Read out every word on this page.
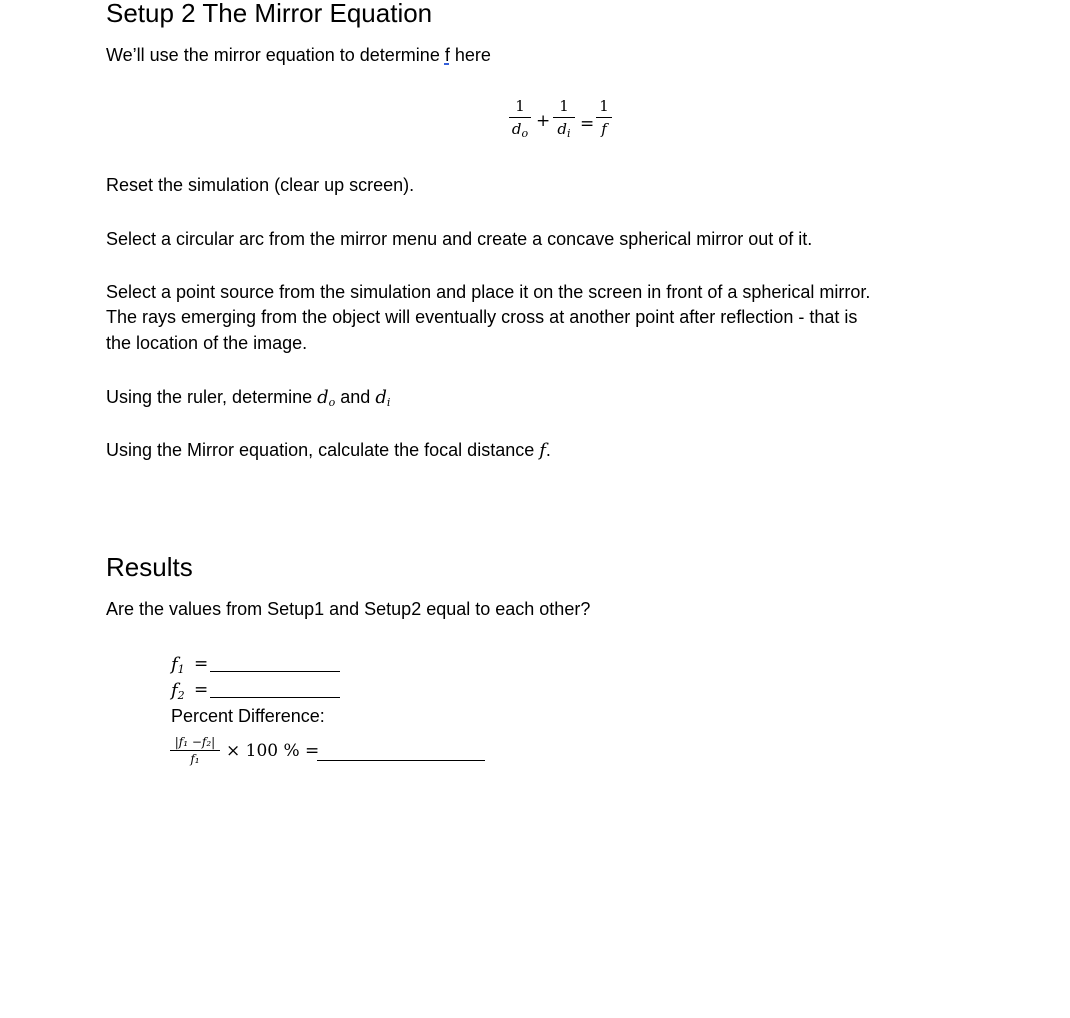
Setup 2 The Mirror Equation
We’ll use the mirror equation to determine f here
1
$d_o$
+
1
$d_i$ =
1
f
Reset the simulation (clear up screen).
Select a circular arc from the mirror menu and create a concave spherical mirror out of it.
Select a point source from the simulation and place it on the screen in front of a spherical mirror.
The rays emerging from the object will eventually cross at another point after reflection - that is
the location of the image.
Using the ruler, determine $d_o$ and $d_i$
Using the Mirror equation, calculate the focal distance f.
Results
Are the values from Setup1 and Setup2 equal to each other?
$f_1$ =
$f_2$ =
Percent Difference:
|f₁ −f₂|
f₁	× 100 % =
